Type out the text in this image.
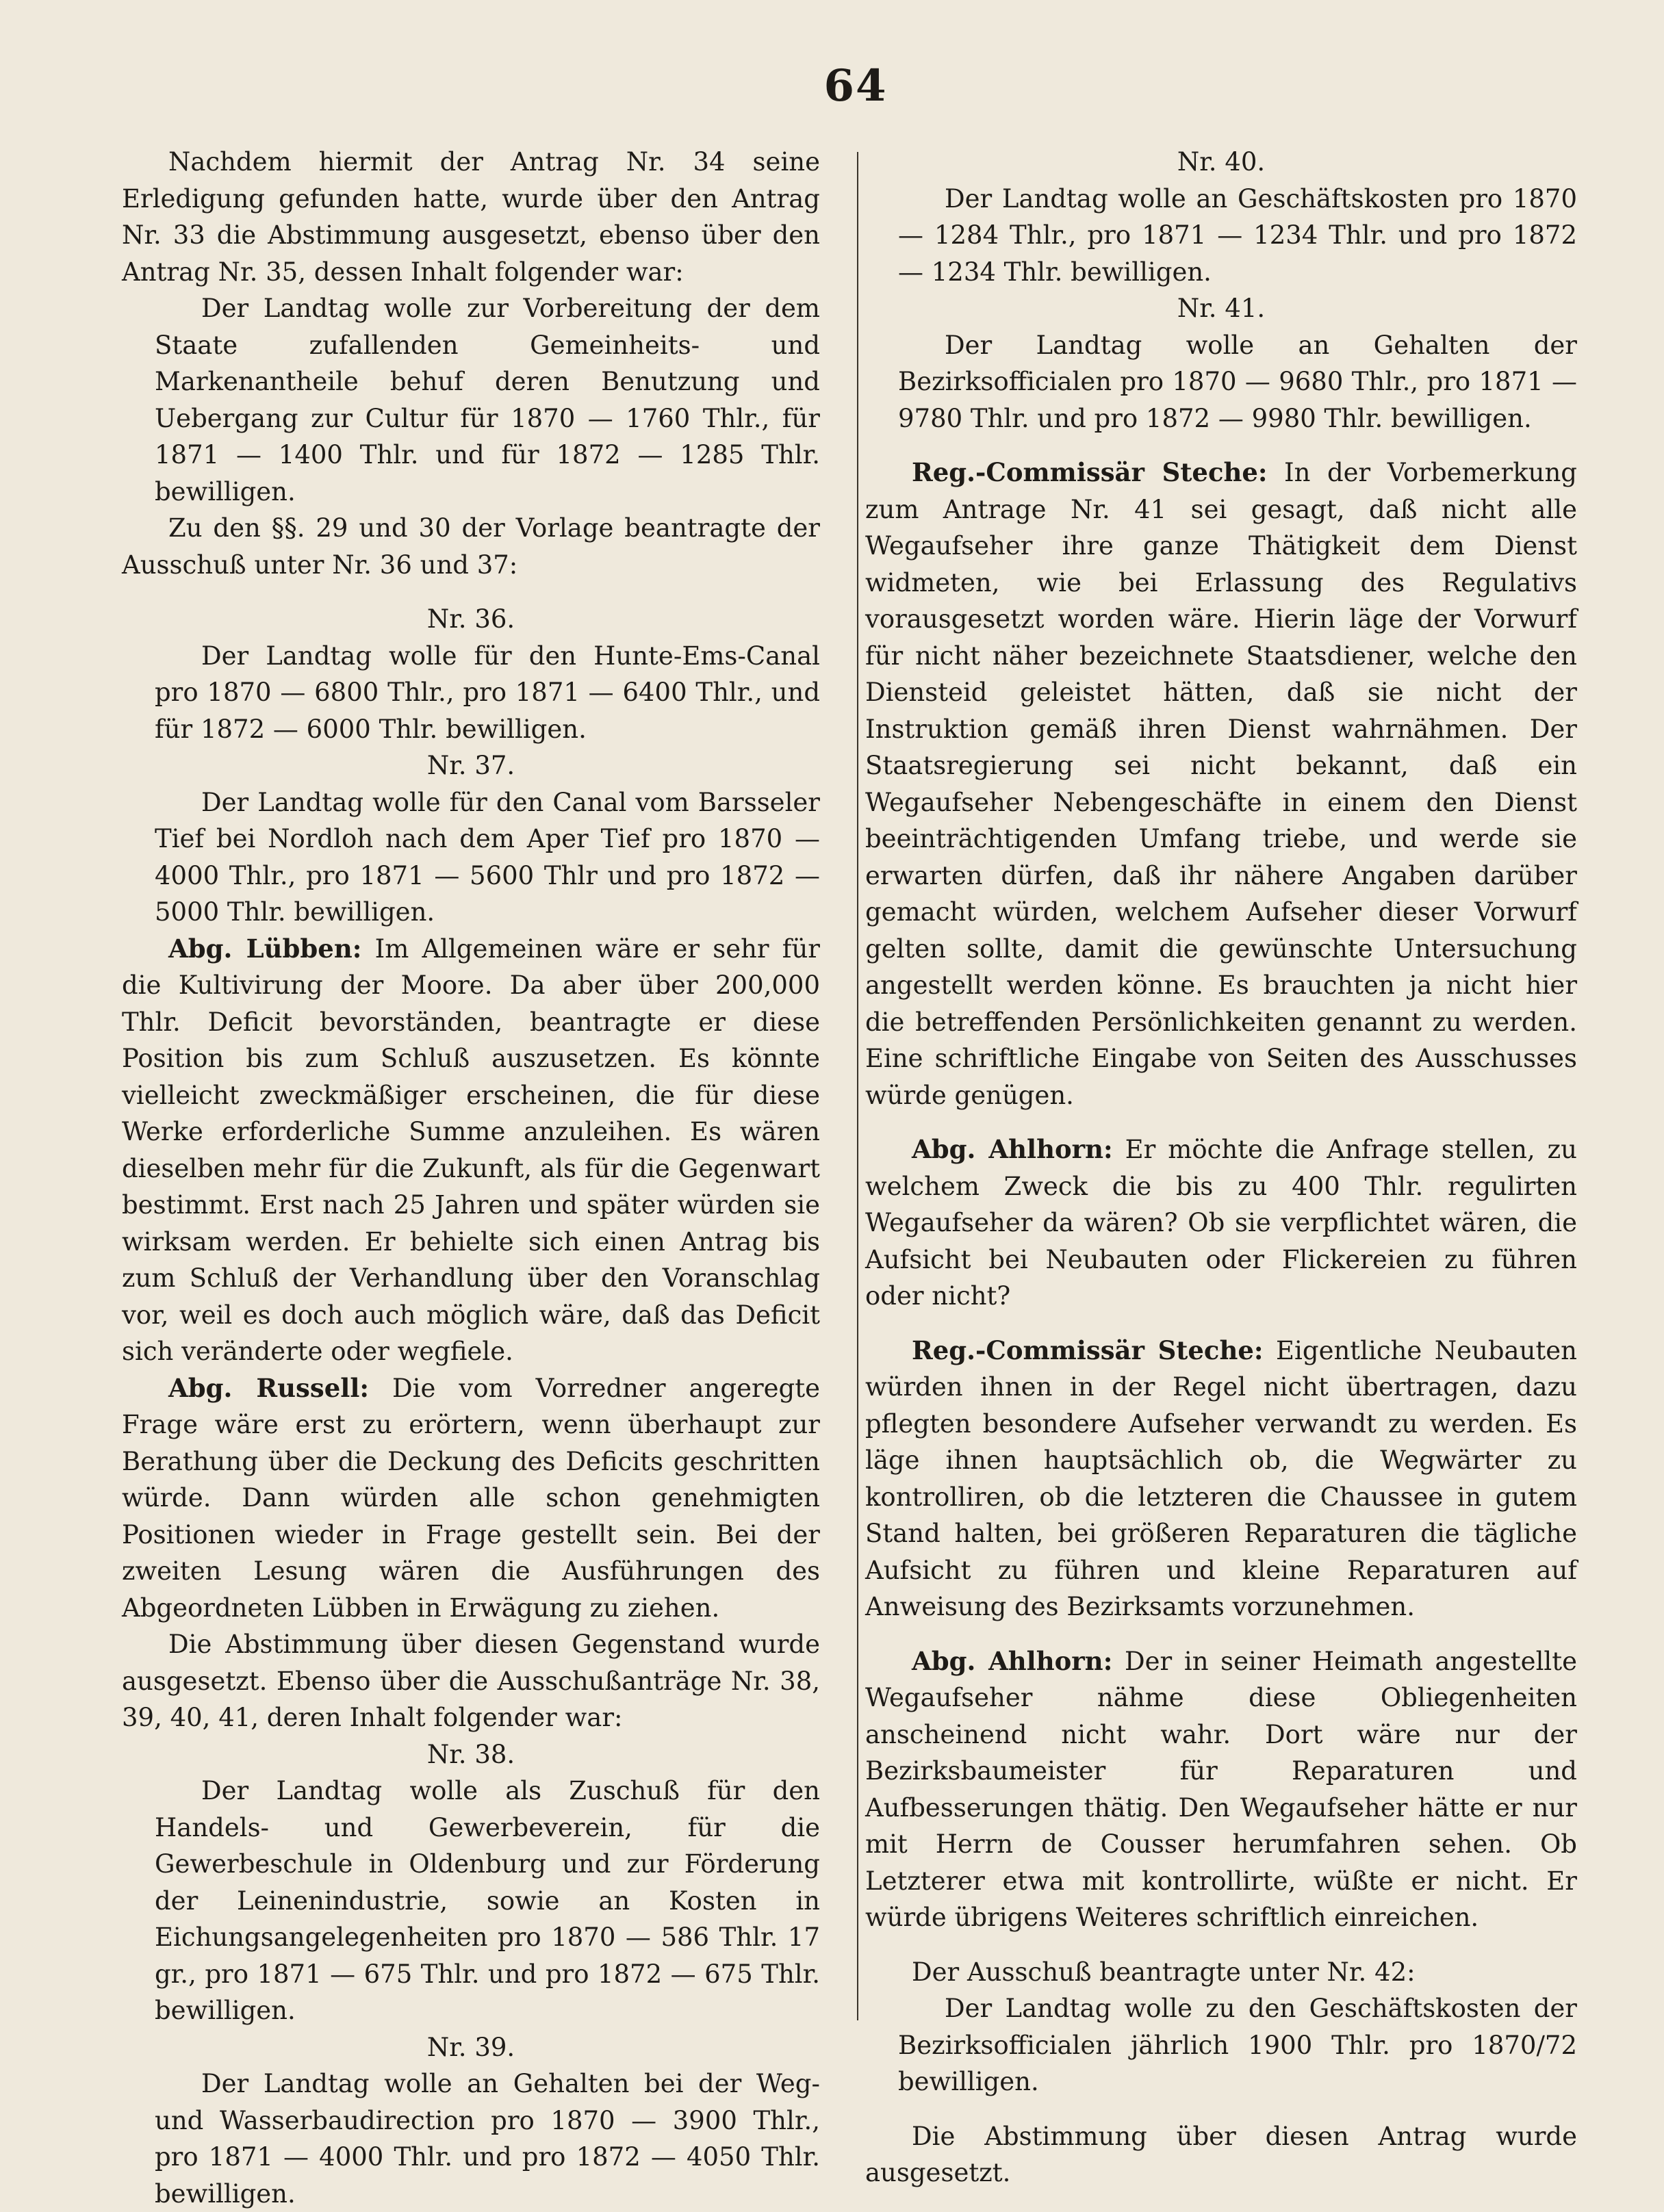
64

Nachdem hiermit der Antrag Nr. 34 seine Erledigung gefunden hatte, wurde über den Antrag Nr. 33 die Abstimmung ausgesetzt, ebenso über den Antrag Nr. 35, dessen Inhalt folgender war:

Der Landtag wolle zur Vorbereitung der dem Staate zufallenden Gemeinheits- und Markenantheile behuf deren Benutzung und Uebergang zur Cultur für 1870 — 1760 Thlr., für 1871 — 1400 Thlr. und für 1872 — 1285 Thlr. bewilligen.

Zu den §§. 29 und 30 der Vorlage beantragte der Ausschuß unter Nr. 36 und 37:

Nr. 36.

Der Landtag wolle für den Hunte-Ems-Canal pro 1870 — 6800 Thlr., pro 1871 — 6400 Thlr., und für 1872 — 6000 Thlr. bewilligen.

Nr. 37.

Der Landtag wolle für den Canal vom Barsseler Tief bei Nordloh nach dem Aper Tief pro 1870 — 4000 Thlr., pro 1871 — 5600 Thlr und pro 1872 — 5000 Thlr. bewilligen.

Abg. Lübben: Im Allgemeinen wäre er sehr für die Kultivirung der Moore. Da aber über 200,000 Thlr. Deficit bevorständen, beantragte er diese Position bis zum Schluß auszusetzen. Es könnte vielleicht zweckmäßiger erscheinen, die für diese Werke erforderliche Summe anzuleihen. Es wären dieselben mehr für die Zukunft, als für die Gegenwart bestimmt. Erst nach 25 Jahren und später würden sie wirksam werden. Er behielte sich einen Antrag bis zum Schluß der Verhandlung über den Voranschlag vor, weil es doch auch möglich wäre, daß das Deficit sich veränderte oder wegfiele.

Abg. Russell: Die vom Vorredner angeregte Frage wäre erst zu erörtern, wenn überhaupt zur Berathung über die Deckung des Deficits geschritten würde. Dann würden alle schon genehmigten Positionen wieder in Frage gestellt sein. Bei der zweiten Lesung wären die Ausführungen des Abgeordneten Lübben in Erwägung zu ziehen.

Die Abstimmung über diesen Gegenstand wurde ausgesetzt. Ebenso über die Ausschußanträge Nr. 38, 39, 40, 41, deren Inhalt folgender war:

Nr. 38.

Der Landtag wolle als Zuschuß für den Handels- und Gewerbeverein, für die Gewerbeschule in Oldenburg und zur Förderung der Leinenindustrie, sowie an Kosten in Eichungsangelegenheiten pro 1870 — 586 Thlr. 17 gr., pro 1871 — 675 Thlr. und pro 1872 — 675 Thlr. bewilligen.

Nr. 39.

Der Landtag wolle an Gehalten bei der Weg- und Wasserbaudirection pro 1870 — 3900 Thlr., pro 1871 — 4000 Thlr. und pro 1872 — 4050 Thlr. bewilligen.

Nr. 40.

Der Landtag wolle an Geschäftskosten pro 1870 — 1284 Thlr., pro 1871 — 1234 Thlr. und pro 1872 — 1234 Thlr. bewilligen.

Nr. 41.

Der Landtag wolle an Gehalten der Bezirksofficialen pro 1870 — 9680 Thlr., pro 1871 — 9780 Thlr. und pro 1872 — 9980 Thlr. bewilligen.

Reg.-Commissär Steche: In der Vorbemerkung zum Antrage Nr. 41 sei gesagt, daß nicht alle Wegaufseher ihre ganze Thätigkeit dem Dienst widmeten, wie bei Erlassung des Regulativs vorausgesetzt worden wäre. Hierin läge der Vorwurf für nicht näher bezeichnete Staatsdiener, welche den Diensteid geleistet hätten, daß sie nicht der Instruktion gemäß ihren Dienst wahrnähmen. Der Staatsregierung sei nicht bekannt, daß ein Wegaufseher Nebengeschäfte in einem den Dienst beeinträchtigenden Umfang triebe, und werde sie erwarten dürfen, daß ihr nähere Angaben darüber gemacht würden, welchem Aufseher dieser Vorwurf gelten sollte, damit die gewünschte Untersuchung angestellt werden könne. Es brauchten ja nicht hier die betreffenden Persönlichkeiten genannt zu werden. Eine schriftliche Eingabe von Seiten des Ausschusses würde genügen.

Abg. Ahlhorn: Er möchte die Anfrage stellen, zu welchem Zweck die bis zu 400 Thlr. regulirten Wegaufseher da wären? Ob sie verpflichtet wären, die Aufsicht bei Neubauten oder Flickereien zu führen oder nicht?

Reg.-Commissär Steche: Eigentliche Neubauten würden ihnen in der Regel nicht übertragen, dazu pflegten besondere Aufseher verwandt zu werden. Es läge ihnen hauptsächlich ob, die Wegwärter zu kontrolliren, ob die letzteren die Chaussee in gutem Stand halten, bei größeren Reparaturen die tägliche Aufsicht zu führen und kleine Reparaturen auf Anweisung des Bezirksamts vorzunehmen.

Abg. Ahlhorn: Der in seiner Heimath angestellte Wegaufseher nähme diese Obliegenheiten anscheinend nicht wahr. Dort wäre nur der Bezirksbaumeister für Reparaturen und Aufbesserungen thätig. Den Wegaufseher hätte er nur mit Herrn de Cousser herumfahren sehen. Ob Letzterer etwa mit kontrollirte, wüßte er nicht. Er würde übrigens Weiteres schriftlich einreichen.

Der Ausschuß beantragte unter Nr. 42:

Der Landtag wolle zu den Geschäftskosten der Bezirksofficialen jährlich 1900 Thlr. pro 1870/72 bewilligen.

Die Abstimmung über diesen Antrag wurde ausgesetzt.
